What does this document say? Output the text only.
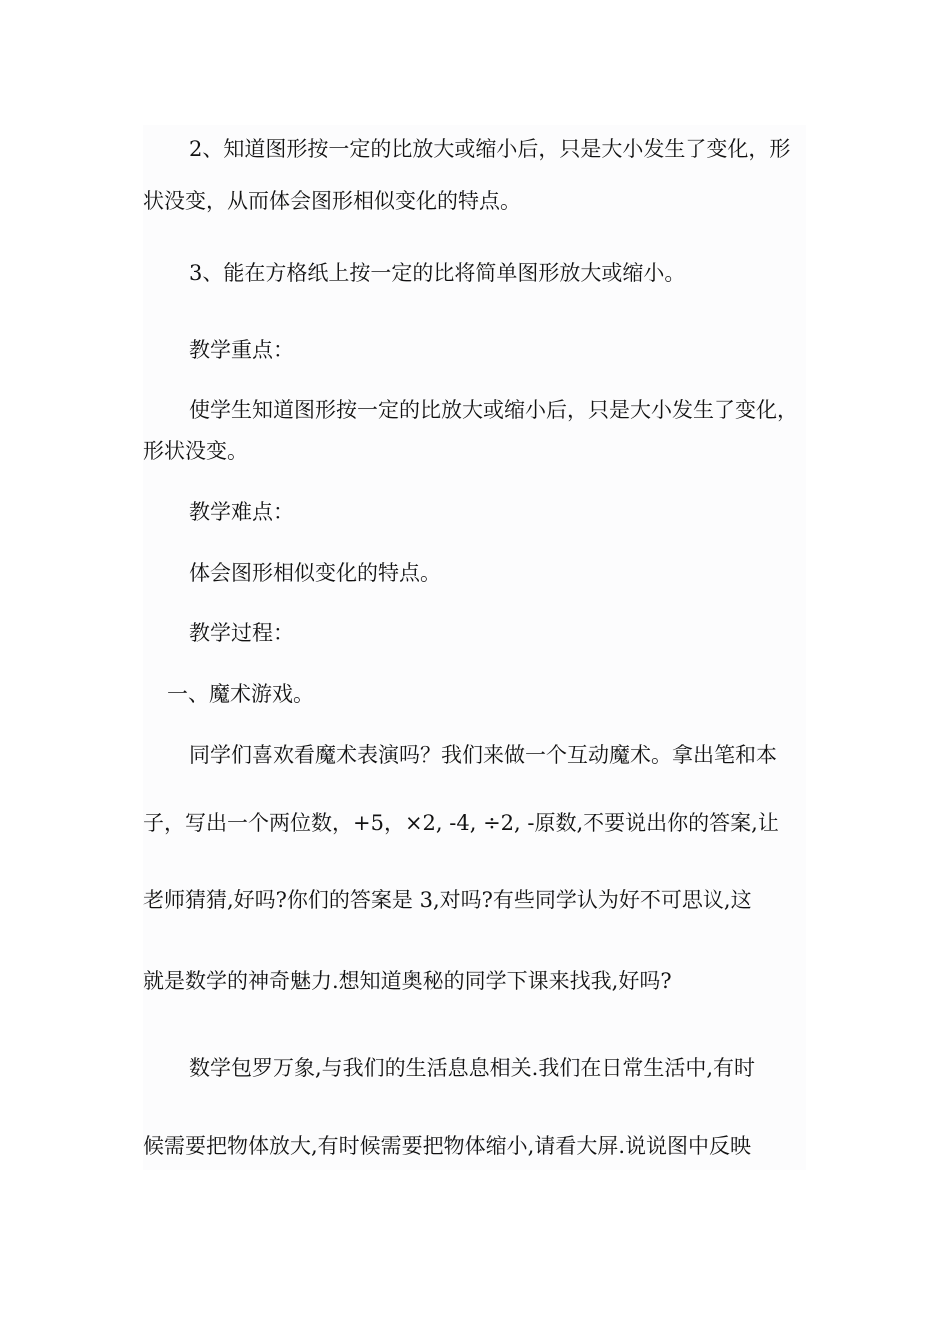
2、知道图形按一定的比放大或缩小后，只是大小发生了变化，形
状没变，从而体会图形相似变化的特点。
3、能在方格纸上按一定的比将简单图形放大或缩小。
教学重点：
使学生知道图形按一定的比放大或缩小后，只是大小发生了变化，
形状没变。
教学难点：
体会图形相似变化的特点。
教学过程：
一、魔术游戏。
同学们喜欢看魔术表演吗？我们来做一个互动魔术。拿出笔和本
子，写出一个两位数，+5，×2, -4, ÷2, -原数,不要说出你的答案,让
老师猜猜,好吗?你们的答案是 3,对吗?有些同学认为好不可思议,这
就是数学的神奇魅力.想知道奥秘的同学下课来找我,好吗?
数学包罗万象,与我们的生活息息相关.我们在日常生活中,有时
候需要把物体放大,有时候需要把物体缩小,请看大屏.说说图中反映
